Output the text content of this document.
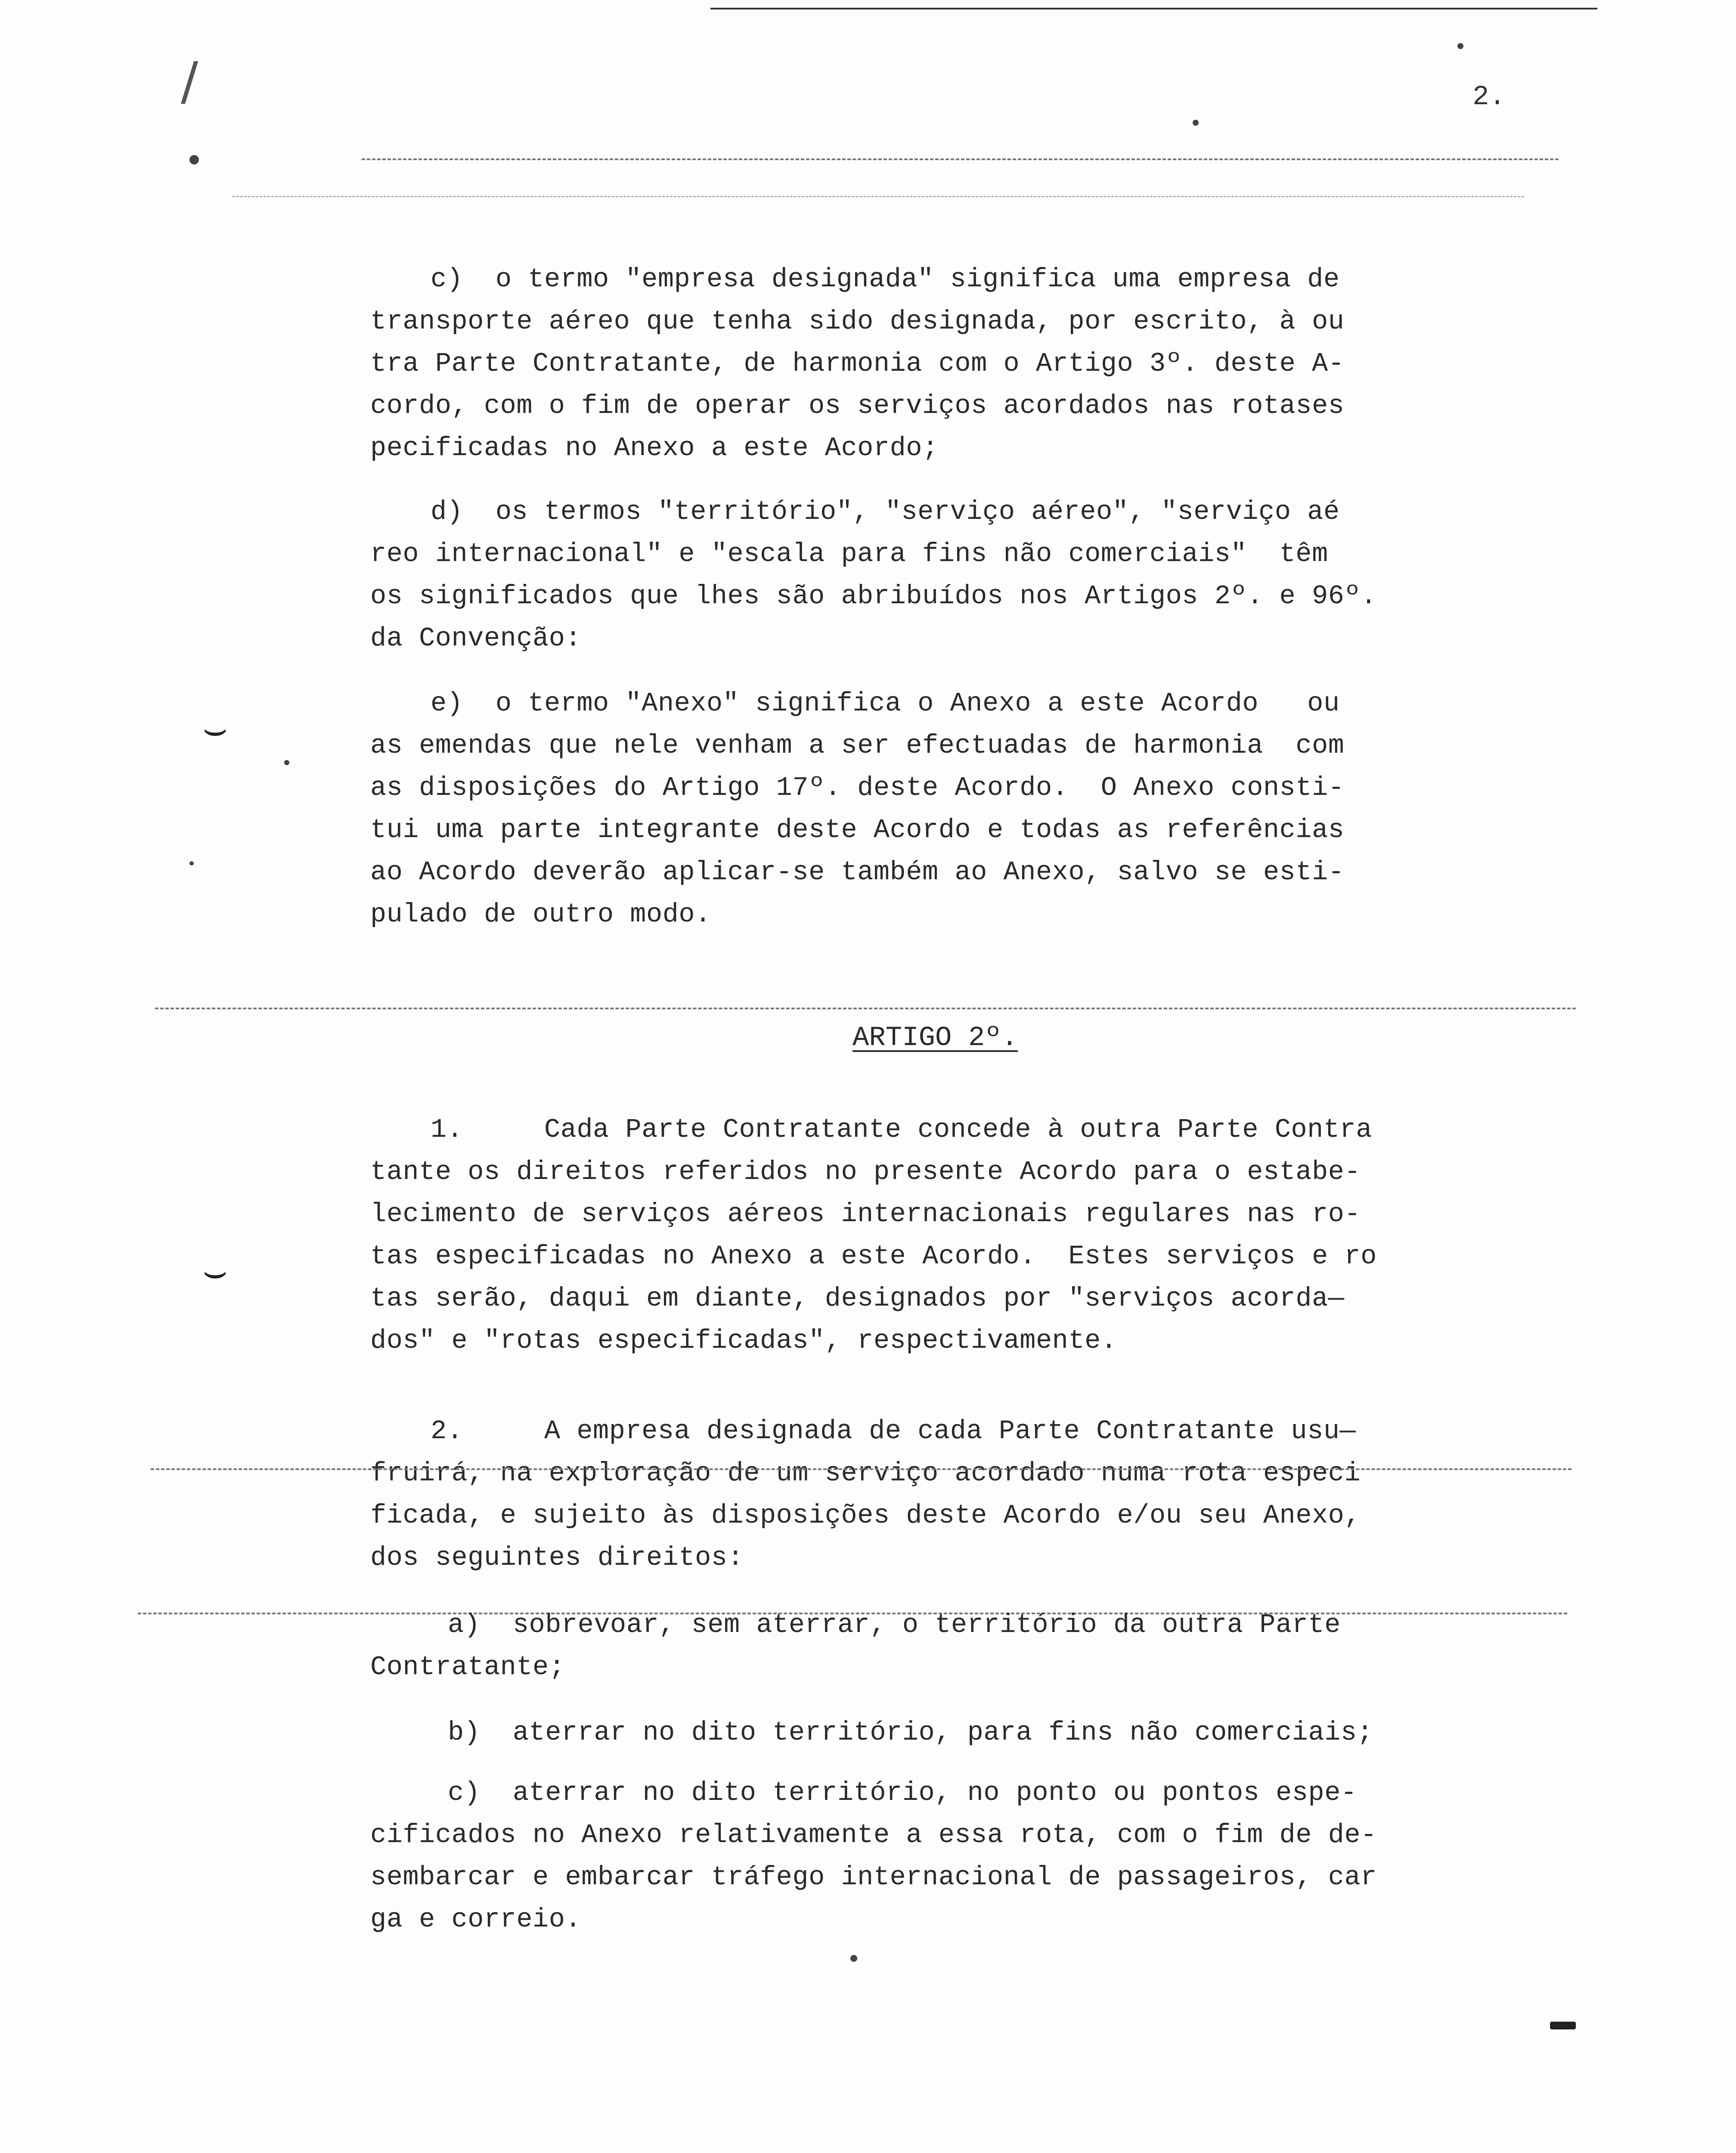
2.
c)  o termo "empresa designada" significa uma empresa de
transporte aéreo que tenha sido designada, por escrito, à ou
tra Parte Contratante, de harmonia com o Artigo 3º. deste A-
cordo, com o fim de operar os serviços acordados nas rotases
pecificadas no Anexo a este Acordo;
d)  os termos "território", "serviço aéreo", "serviço aé
reo internacional" e "escala para fins não comerciais"  têm
os significados que lhes são abribuídos nos Artigos 2º. e 96º.
da Convenção:
e)  o termo "Anexo" significa o Anexo a este Acordo   ou
as emendas que nele venham a ser efectuadas de harmonia  com
as disposições do Artigo 17º. deste Acordo.  O Anexo consti-
tui uma parte integrante deste Acordo e todas as referências
ao Acordo deverão aplicar-se também ao Anexo, salvo se esti-
pulado de outro modo.
ARTIGO 2º.
1.     Cada Parte Contratante concede à outra Parte Contra
tante os direitos referidos no presente Acordo para o estabe-
lecimento de serviços aéreos internacionais regulares nas ro-
tas especificadas no Anexo a este Acordo.  Estes serviços e ro
tas serão, daqui em diante, designados por "serviços acorda—
dos" e "rotas especificadas", respectivamente.
2.     A empresa designada de cada Parte Contratante usu—
fruirá, na exploração de um serviço acordado numa rota especi
ficada, e sujeito às disposições deste Acordo e/ou seu Anexo,
dos seguintes direitos:
a)  sobrevoar, sem aterrar, o território da outra Parte
Contratante;
b)  aterrar no dito território, para fins não comerciais;
c)  aterrar no dito território, no ponto ou pontos espe-
cificados no Anexo relativamente a essa rota, com o fim de de-
sembarcar e embarcar tráfego internacional de passageiros, car
ga e correio.
⌣
⌣
/
